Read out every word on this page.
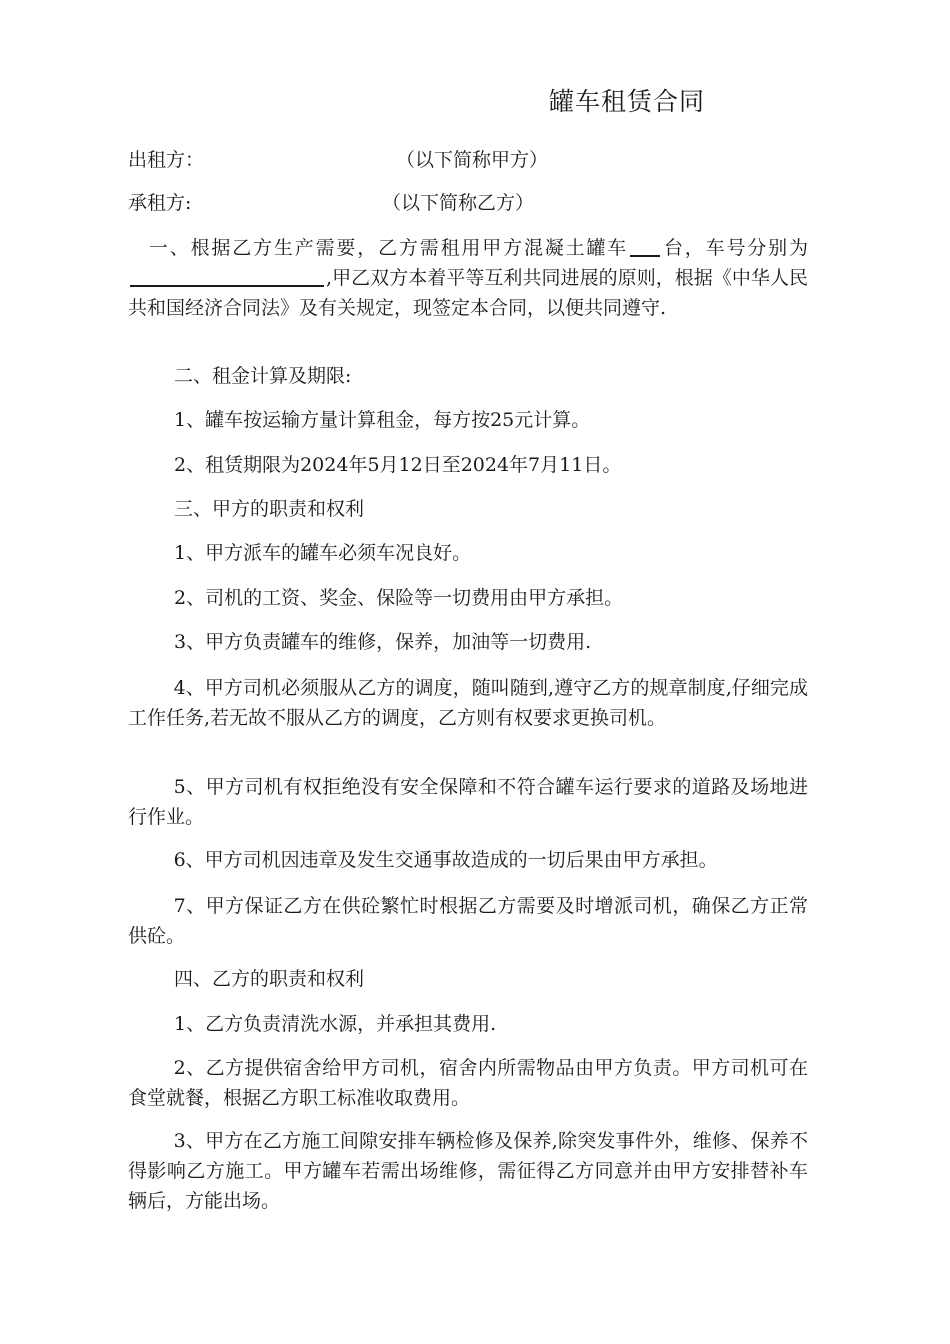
罐车租赁合同
出租方：	（以下简称甲方）
承租方:	（以下简称乙方）

一、根据乙方生产需要，乙方需租用甲方混凝土罐车 台，车号分别为,甲乙双方本着平等互利共同进展的原则，根据《中华人民共和国经济合同法》及有关规定，现签定本合同，以便共同遵守.

二、租金计算及期限:

1、罐车按运输方量计算租金，每方按25元计算。

2、租赁期限为2024年5月12日至2024年7月11日。

三、甲方的职责和权利

1、甲方派车的罐车必须车况良好。

2、司机的工资、奖金、保险等一切费用由甲方承担。

3、甲方负责罐车的维修，保养，加油等一切费用.

4、甲方司机必须服从乙方的调度，随叫随到,遵守乙方的规章制度,仔细完成工作任务,若无故不服从乙方的调度，乙方则有权要求更换司机。

5、甲方司机有权拒绝没有安全保障和不符合罐车运行要求的道路及场地进行作业。

6、甲方司机因违章及发生交通事故造成的一切后果由甲方承担。

7、甲方保证乙方在供砼繁忙时根据乙方需要及时增派司机，确保乙方正常供砼。

四、乙方的职责和权利

1、乙方负责清洗水源，并承担其费用.

2、乙方提供宿舍给甲方司机，宿舍内所需物品由甲方负责。甲方司机可在食堂就餐，根据乙方职工标准收取费用。

3、甲方在乙方施工间隙安排车辆检修及保养,除突发事件外，维修、保养不得影响乙方施工。甲方罐车若需出场维修，需征得乙方同意并由甲方安排替补车辆后，方能出场。
